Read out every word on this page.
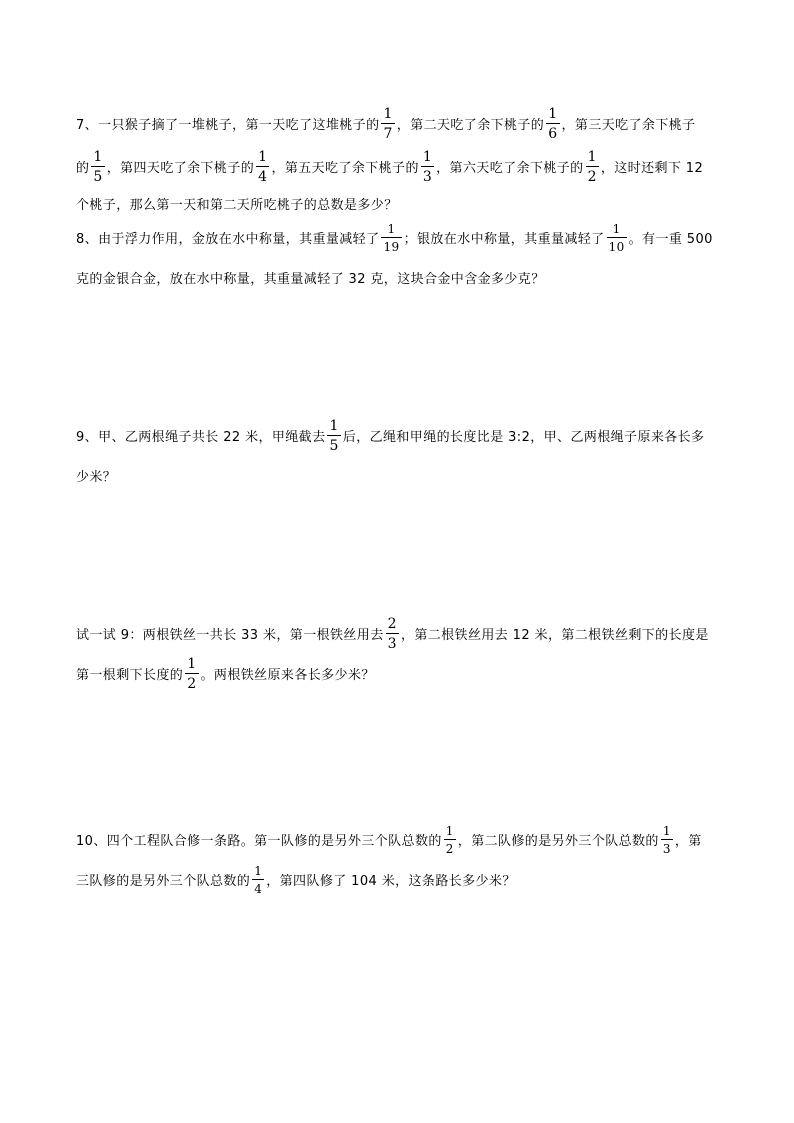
7、一只猴子摘了一堆桃子，第一天吃了这堆桃子的 $\frac{1}{7}$ ，第二天吃了余下桃子的 $\frac{1}{6}$ ，第三天吃了余下桃子
的 $\frac{1}{5}$ ，第四天吃了余下桃子的 $\frac{1}{4}$ ，第五天吃了余下桃子的 $\frac{1}{3}$ ，第六天吃了余下桃子的 $\frac{1}{2}$ ，这时还剩下 12
个桃子，那么第一天和第二天所吃桃子的总数是多少？
8、由于浮力作用，金放在水中称量，其重量减轻了 $\frac{1}{19}$ ；银放在水中称量，其重量减轻了 $\frac{1}{10}$ 。有一重 500
克的金银合金，放在水中称量，其重量减轻了 32 克，这块合金中含金多少克？
9、甲、乙两根绳子共长 22 米，甲绳截去 $\frac{1}{5}$ 后，乙绳和甲绳的长度比是 3:2，甲、乙两根绳子原来各长多
少米？
试一试 9：两根铁丝一共长 33 米，第一根铁丝用去 $\frac{2}{3}$ ，第二根铁丝用去 12 米，第二根铁丝剩下的长度是
第一根剩下长度的 $\frac{1}{2}$ 。两根铁丝原来各长多少米？
10、四个工程队合修一条路。第一队修的是另外三个队总数的 $\frac{1}{2}$ ，第二队修的是另外三个队总数的 $\frac{1}{3}$ ，第
三队修的是另外三个队总数的 $\frac{1}{4}$ ，第四队修了 104 米，这条路长多少米？
